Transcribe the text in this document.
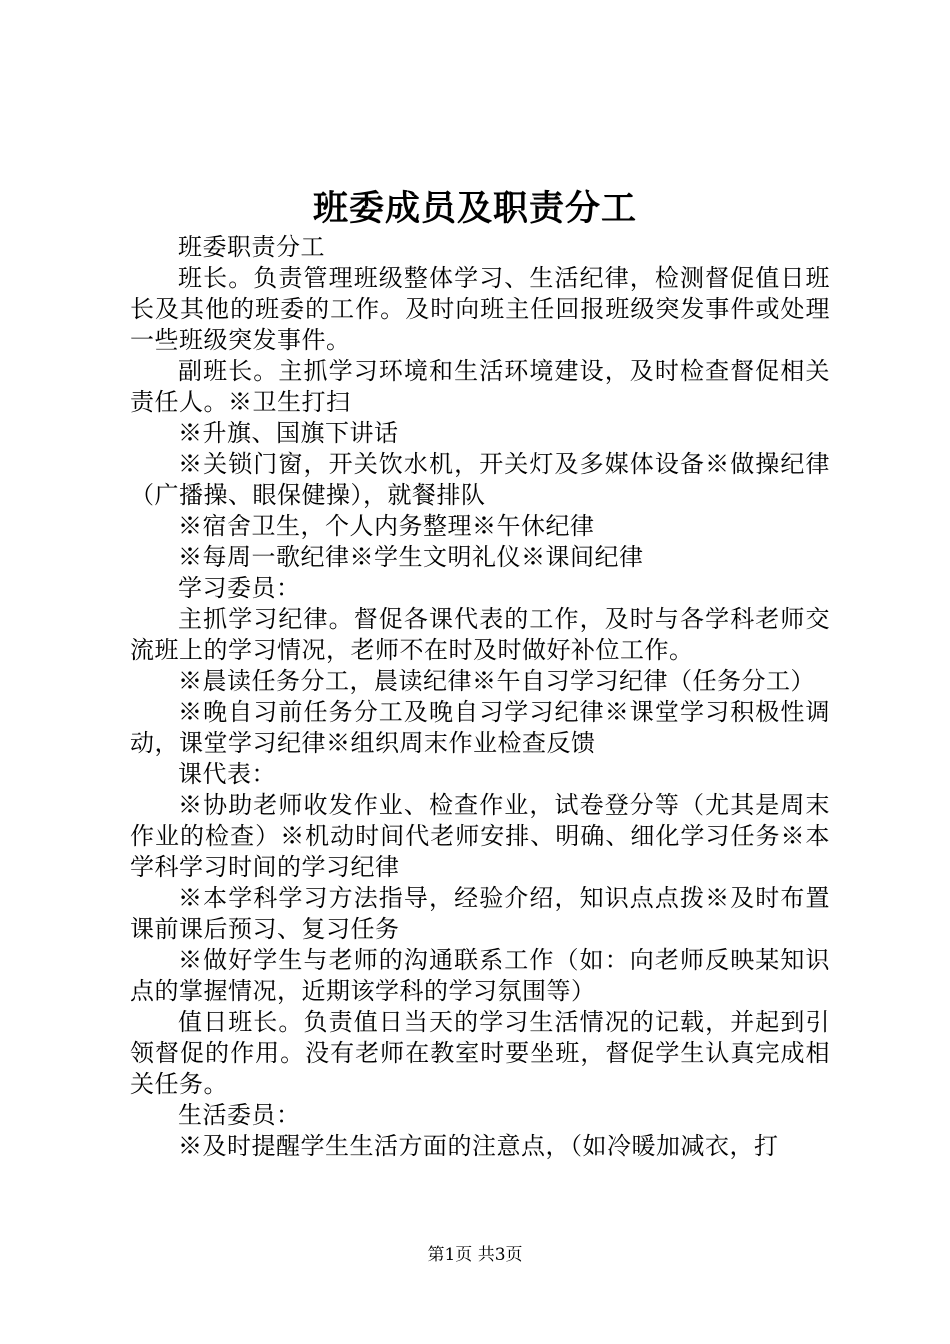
班委成员及职责分工

班委职责分工

班长。负责管理班级整体学习、生活纪律，检测督促值日班长及其他的班委的工作。及时向班主任回报班级突发事件或处理一些班级突发事件。

副班长。主抓学习环境和生活环境建设，及时检查督促相关责任人。※卫生打扫

※升旗、国旗下讲话

※关锁门窗，开关饮水机，开关灯及多媒体设备※做操纪律（广播操、眼保健操），就餐排队

※宿舍卫生，个人内务整理※午休纪律

※每周一歌纪律※学生文明礼仪※课间纪律

学习委员：

主抓学习纪律。督促各课代表的工作，及时与各学科老师交流班上的学习情况，老师不在时及时做好补位工作。

※晨读任务分工，晨读纪律※午自习学习纪律（任务分工）

※晚自习前任务分工及晚自习学习纪律※课堂学习积极性调动，课堂学习纪律※组织周末作业检查反馈

课代表：

※协助老师收发作业、检查作业，试卷登分等（尤其是周末作业的检查）※机动时间代老师安排、明确、细化学习任务※本学科学习时间的学习纪律

※本学科学习方法指导，经验介绍，知识点点拨※及时布置课前课后预习、复习任务

※做好学生与老师的沟通联系工作（如：向老师反映某知识点的掌握情况，近期该学科的学习氛围等）

值日班长。负责值日当天的学习生活情况的记载，并起到引领督促的作用。没有老师在教室时要坐班，督促学生认真完成相关任务。

生活委员：

※及时提醒学生生活方面的注意点，（如冷暖加减衣，打

第1页 共3页
